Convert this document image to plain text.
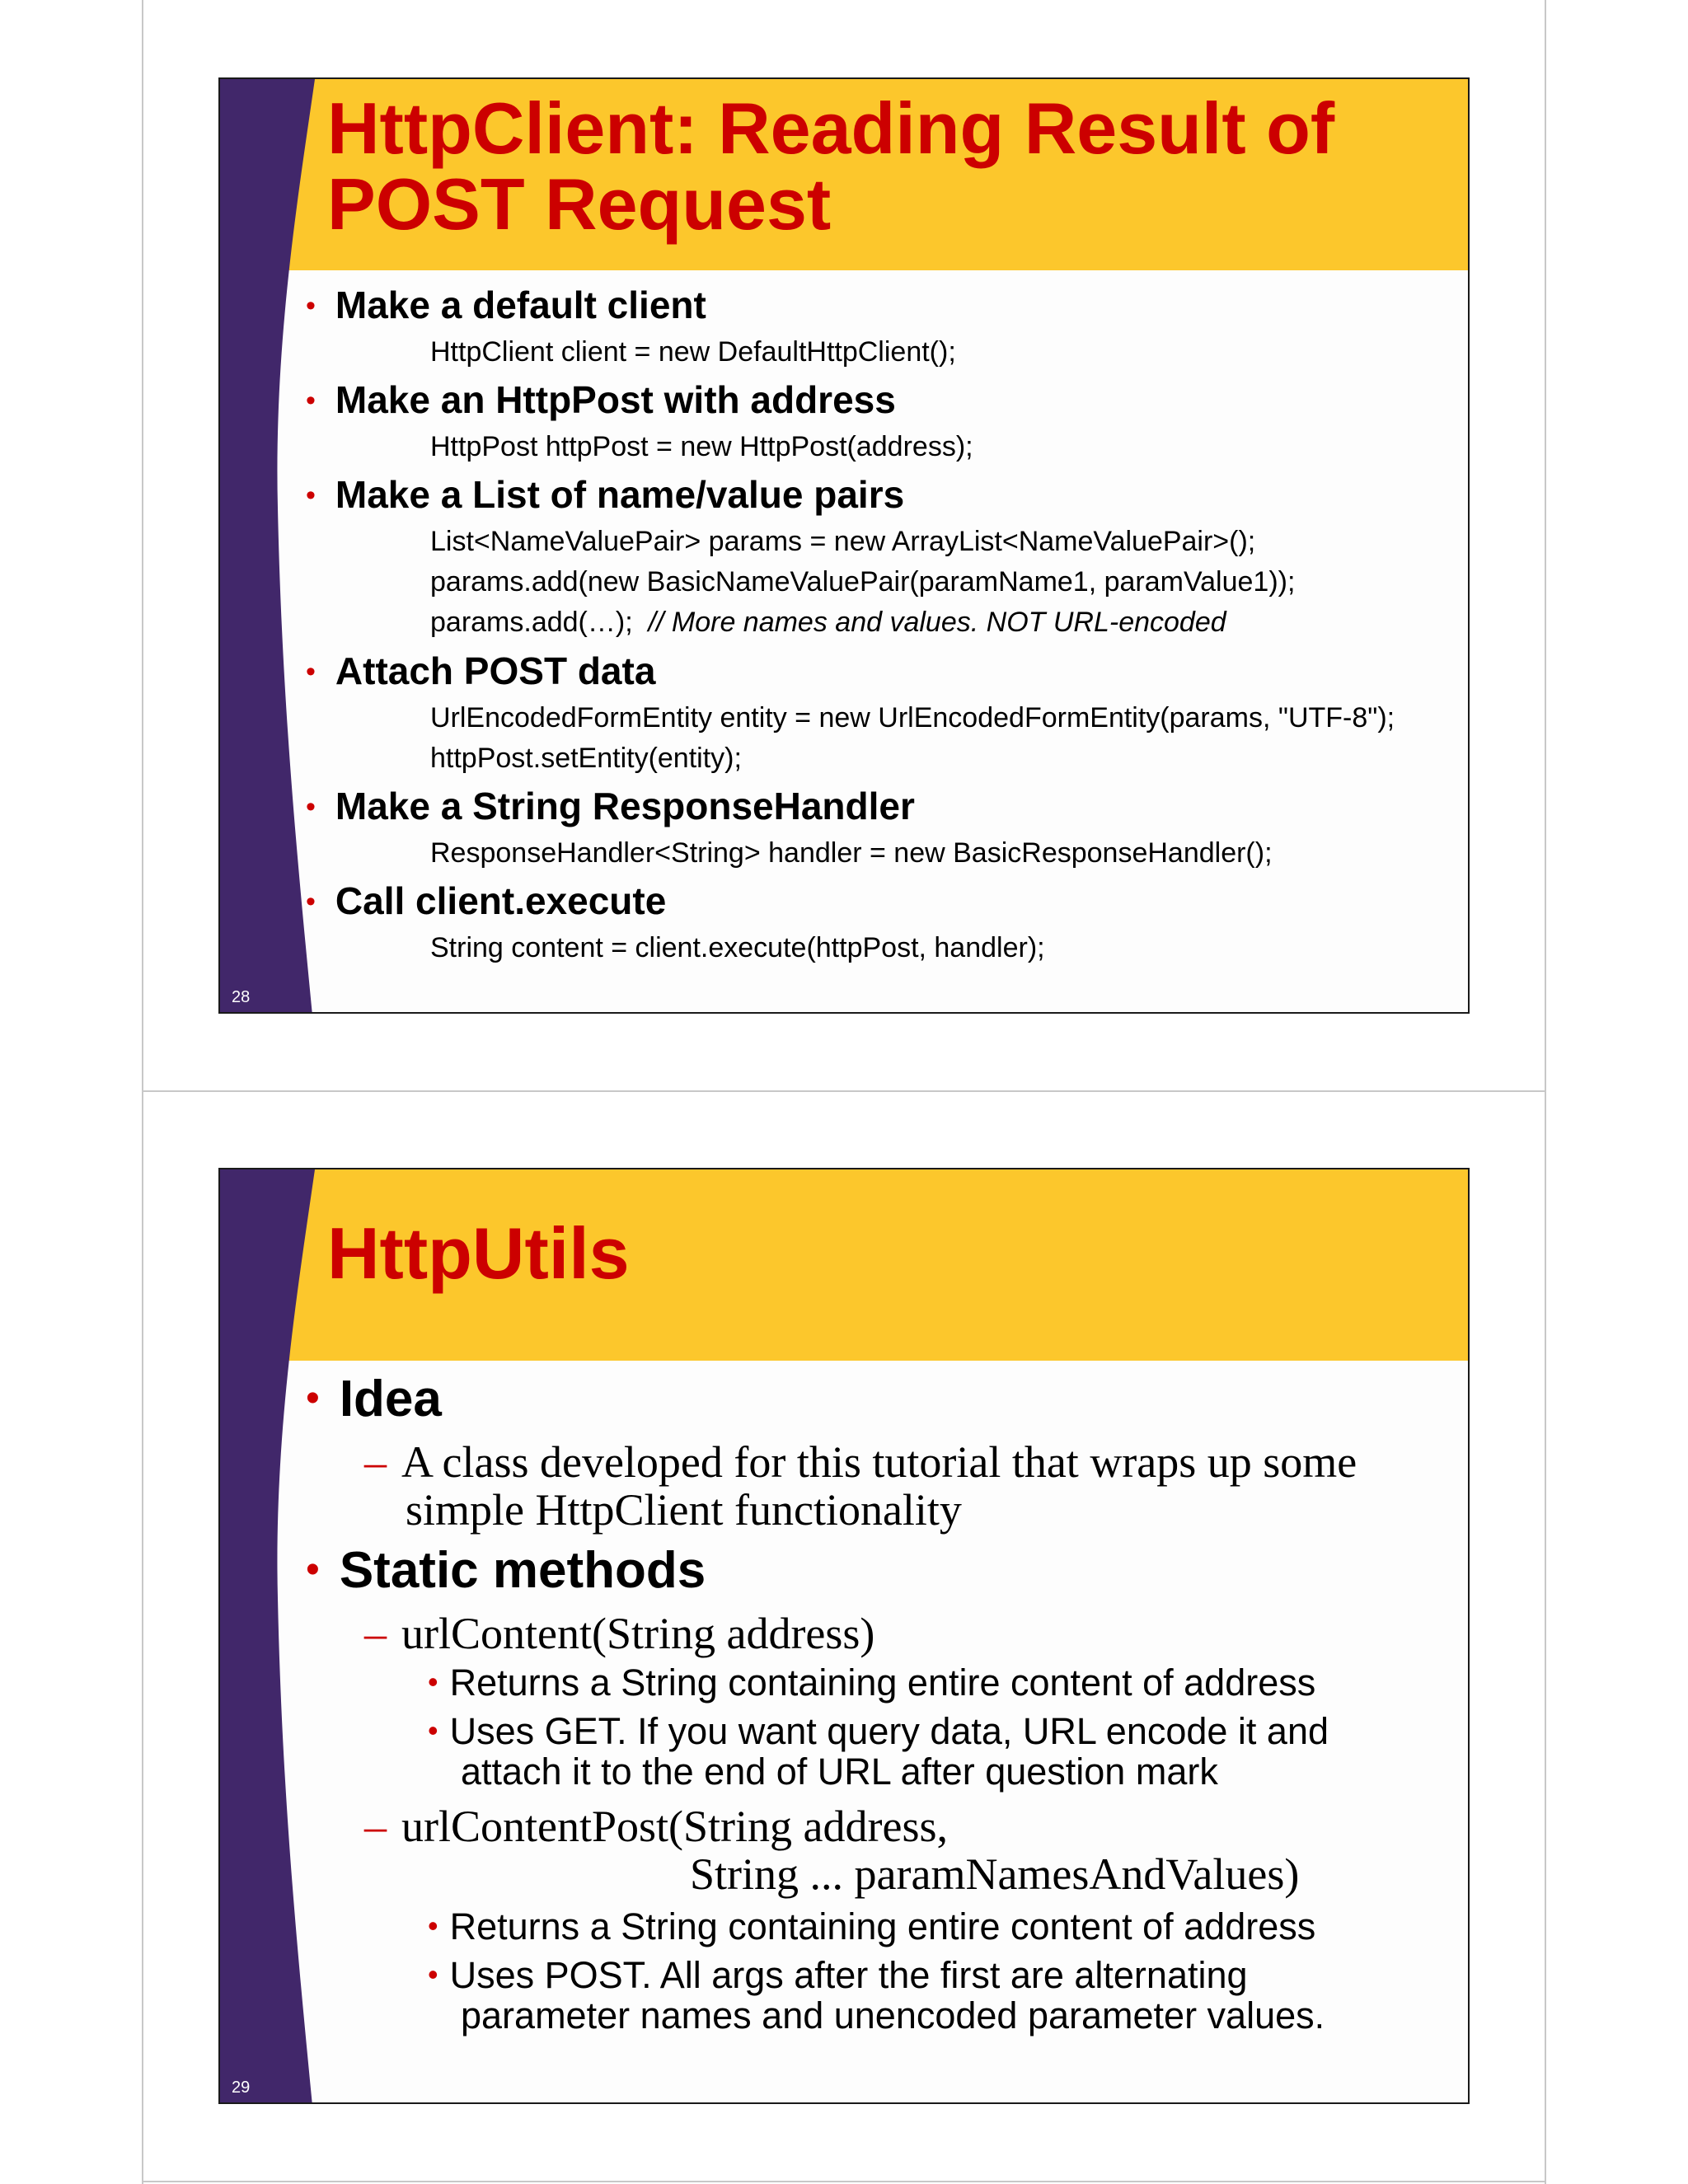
HttpClient: Reading Result of
POST Request

• Make a default client

HttpClient client = new DefaultHttpClient();

• Make an HttpPost with address

HttpPost httpPost = new HttpPost(address);

• Make a List of name/value pairs

List<NameValuePair> params = new ArrayList<NameValuePair>();

params.add(new BasicNameValuePair(paramName1, paramValue1));

params.add(…); // More names and values. NOT URL-encoded

• Attach POST data

UrlEncodedFormEntity entity = new UrlEncodedFormEntity(params, "UTF-8");

httpPost.setEntity(entity);

• Make a String ResponseHandler

ResponseHandler<String> handler = new BasicResponseHandler();

• Call client.execute

String content = client.execute(httpPost, handler);

28
HttpUtils

• Idea

– A class developed for this tutorial that wraps up some

simple HttpClient functionality

• Static methods

– urlContent(String address)

• Returns a String containing entire content of address

• Uses GET. If you want query data, URL encode it and

attach it to the end of URL after question mark

– urlContentPost(String address,

String ... paramNamesAndValues)

• Returns a String containing entire content of address

• Uses POST. All args after the first are alternating

parameter names and unencoded parameter values.

29
